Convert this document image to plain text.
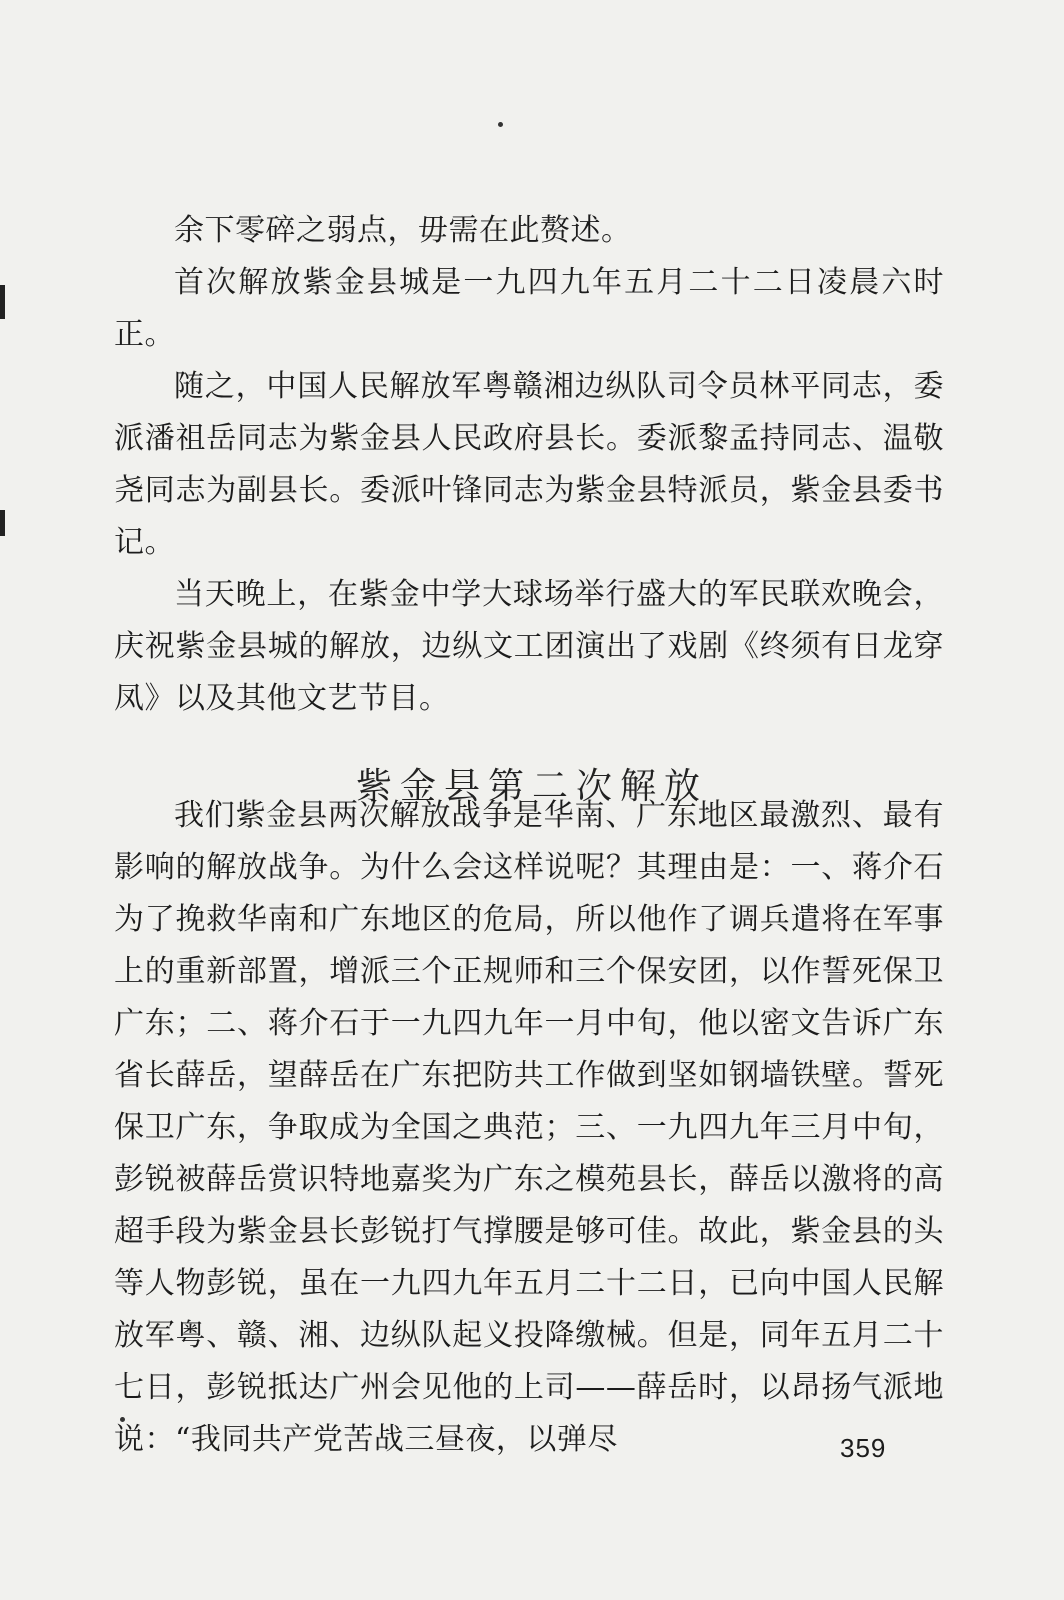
余下零碎之弱点，毋需在此赘述。

首次解放紫金县城是一九四九年五月二十二日凌晨六时正。

随之，中国人民解放军粤赣湘边纵队司令员林平同志，委派潘祖岳同志为紫金县人民政府县长。委派黎孟持同志、温敬尧同志为副县长。委派叶锋同志为紫金县特派员，紫金县委书记。

当天晚上，在紫金中学大球场举行盛大的军民联欢晚会，庆祝紫金县城的解放，边纵文工团演出了戏剧《终须有日龙穿凤》以及其他文艺节目。

紫金县第二次解放

我们紫金县两次解放战争是华南、广东地区最激烈、最有影响的解放战争。为什么会这样说呢？其理由是：一、蒋介石为了挽救华南和广东地区的危局，所以他作了调兵遣将在军事上的重新部置，增派三个正规师和三个保安团，以作誓死保卫广东；二、蒋介石于一九四九年一月中旬，他以密文告诉广东省长薛岳，望薛岳在广东把防共工作做到坚如钢墙铁壁。誓死保卫广东，争取成为全国之典范；三、一九四九年三月中旬，彭锐被薛岳赏识特地嘉奖为广东之模苑县长，薛岳以激将的高超手段为紫金县长彭锐打气撑腰是够可佳。故此，紫金县的头等人物彭锐，虽在一九四九年五月二十二日，已向中国人民解放军粤、赣、湘、边纵队起义投降缴械。但是，同年五月二十七日，彭锐抵达广州会见他的上司——薛岳时，以昂扬气派地说：“我同共产党苦战三昼夜，以弹尽	359
